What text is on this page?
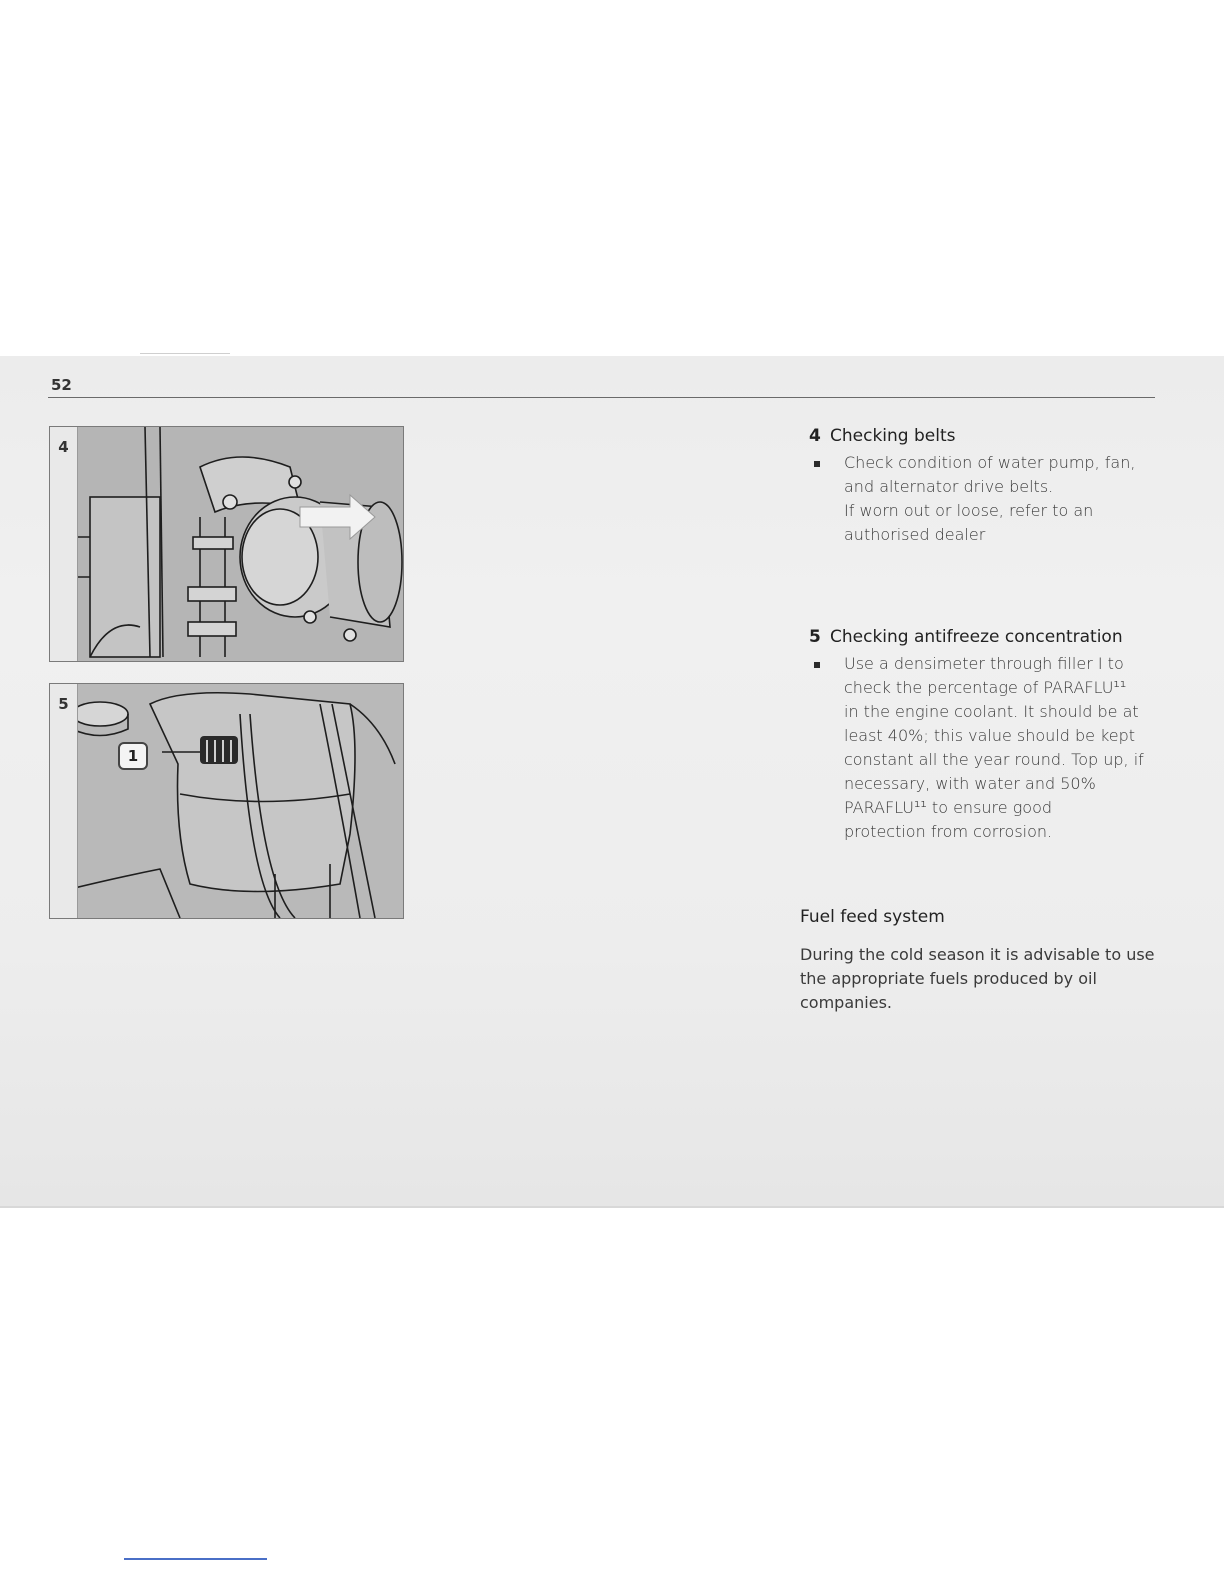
52
4
5
1
4 Checking belts

Check condition of water pump, fan,

and alternator drive belts.

If worn out or loose, refer to an

authorised dealer

5 Checking antifreeze concentration

Use a densimeter through filler I to

check the percentage of PARAFLU¹¹

in the engine coolant. It should be at

least 40%; this value should be kept

constant all the year round. Top up, if

necessary, with water and 50%

PARAFLU¹¹ to ensure good

protection from corrosion.

Fuel feed system
During the cold season it is advisable to use
the appropriate fuels produced by oil
companies.
